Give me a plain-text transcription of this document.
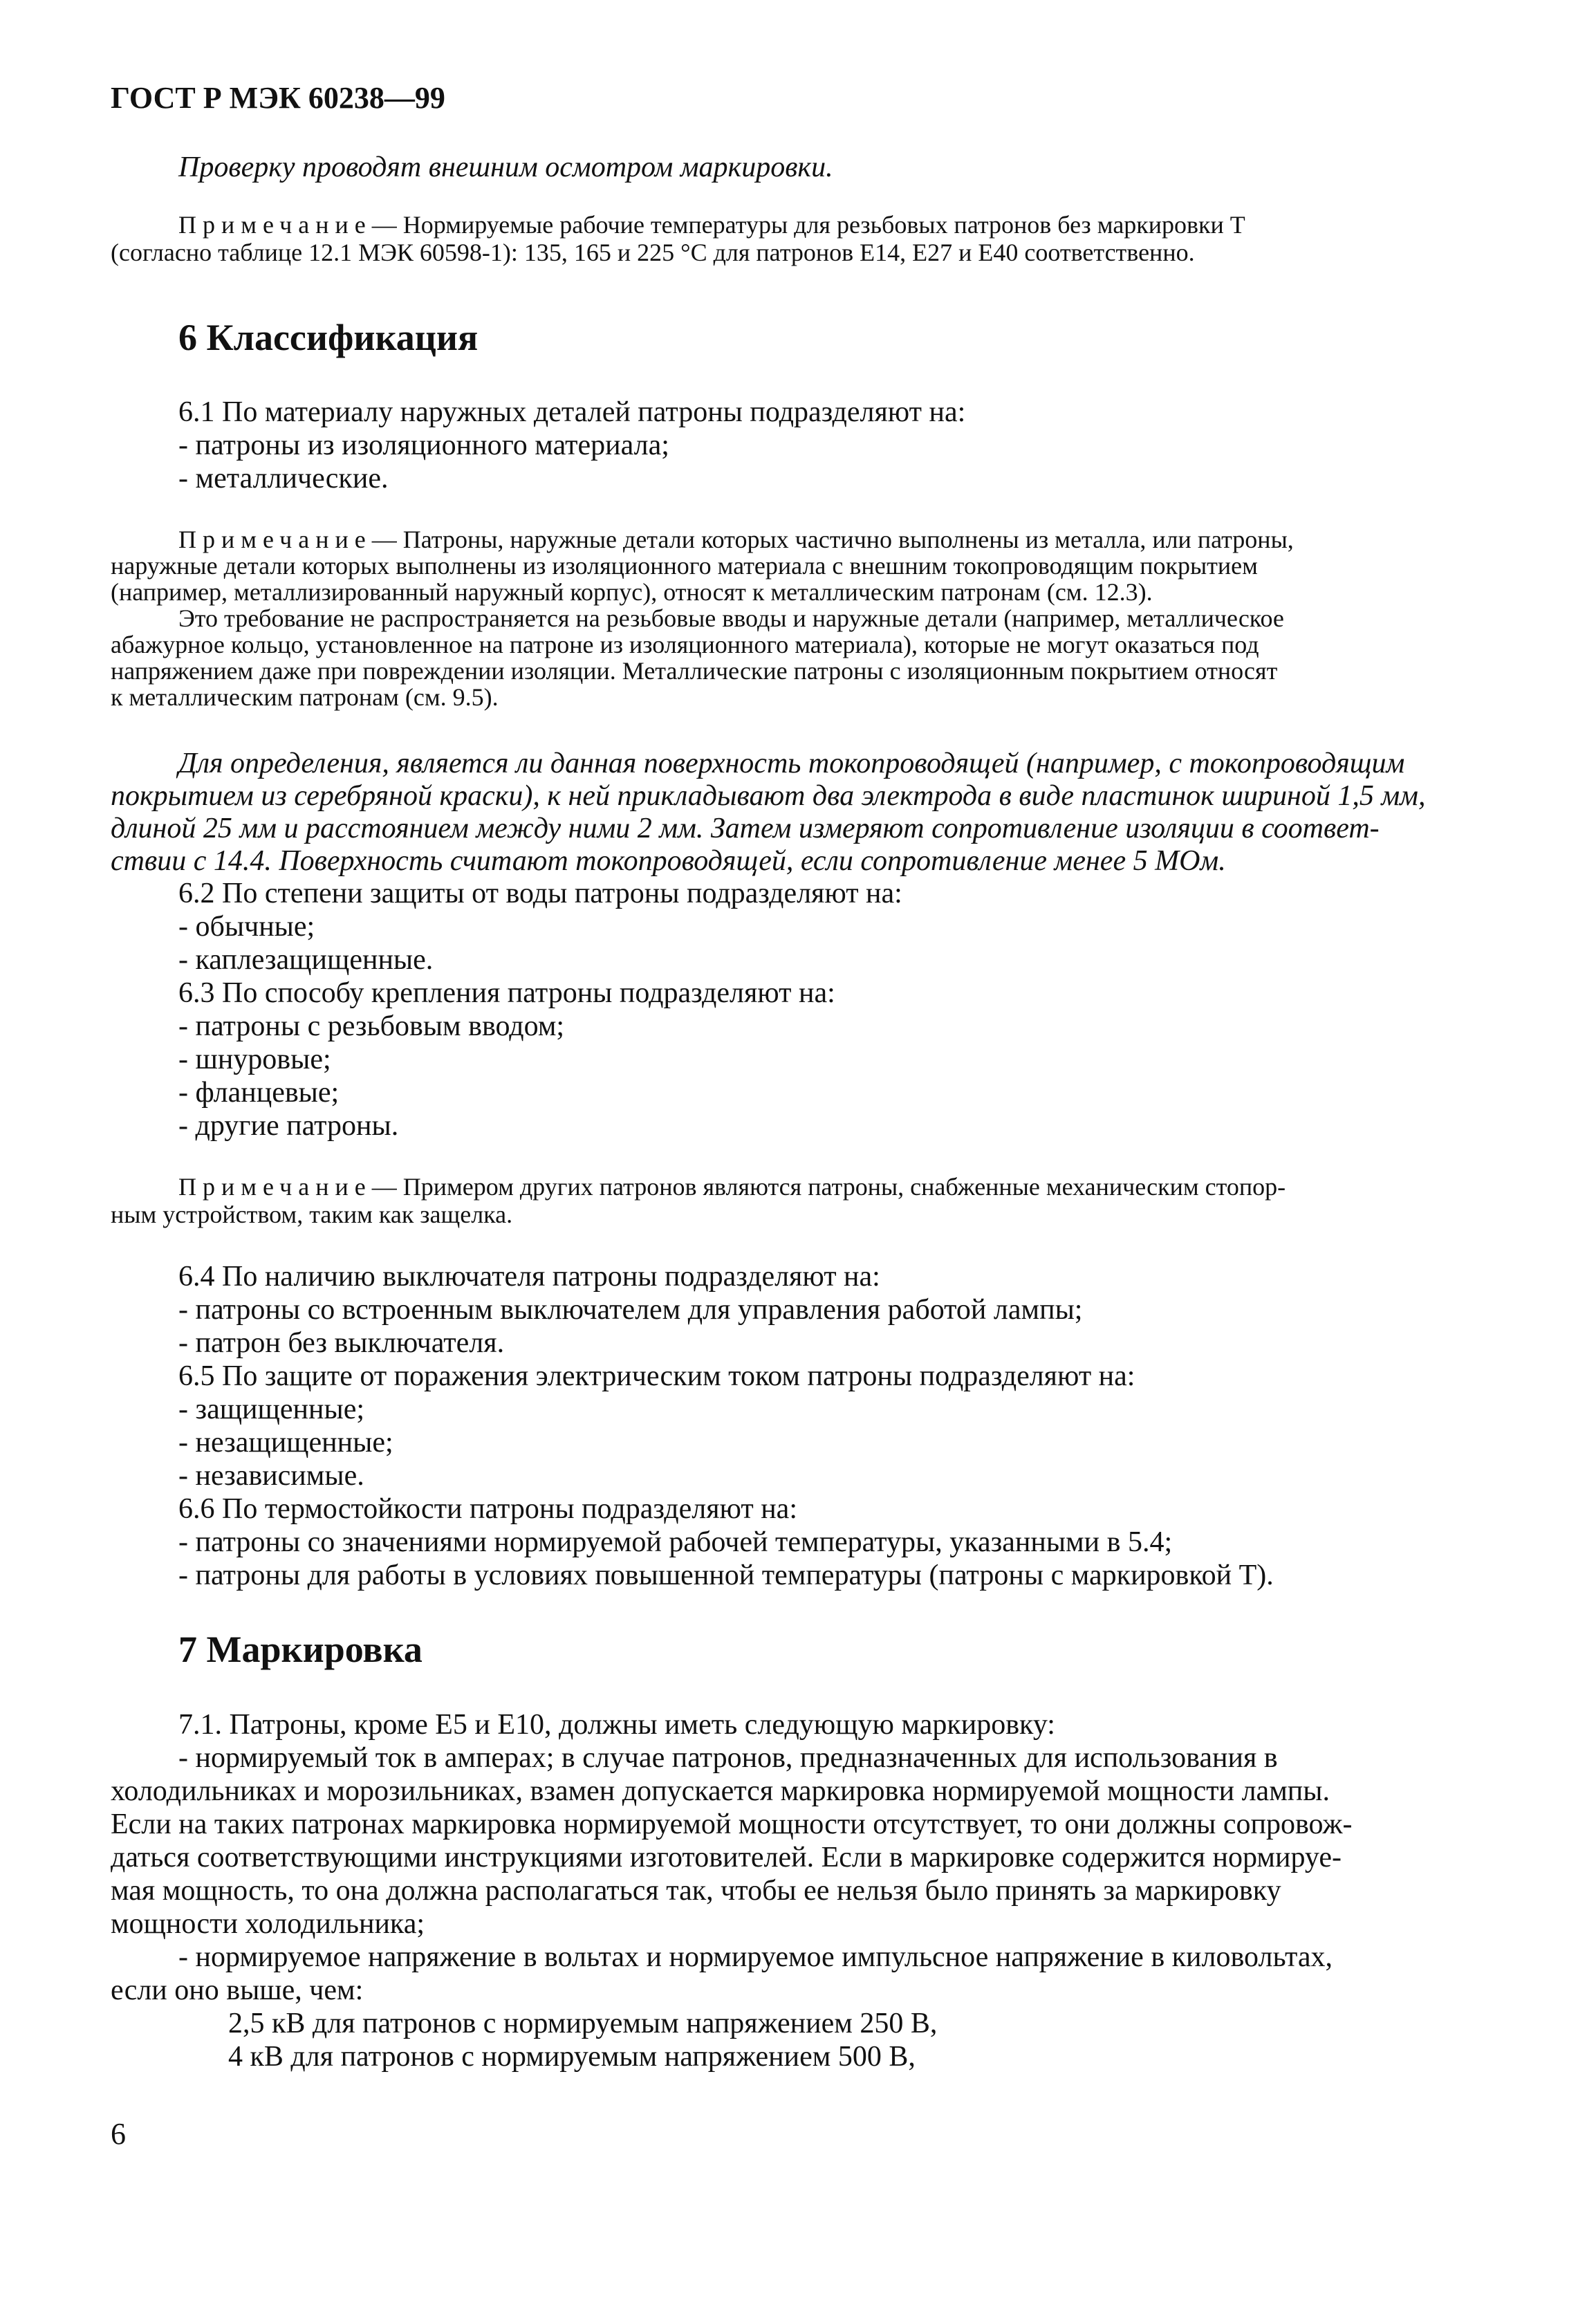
ГОСТ Р МЭК 60238—99
Проверку проводят внешним осмотром маркировки.
Примечание— Нормируемые рабочие температуры для резьбовых патронов без маркировки T
(согласно таблице 12.1 МЭК 60598-1): 135, 165 и 225 °С для патронов Е14, Е27 и Е40 соответственно.
6 Классификация
6.1 По материалу наружных деталей патроны подразделяют на:
- патроны из изоляционного материала;
- металлические.
Примечание— Патроны, наружные детали которых частично выполнены из металла, или патроны,
наружные детали которых выполнены из изоляционного материала с внешним токопроводящим покрытием
(например, металлизированный наружный корпус), относят к металлическим патронам (см. 12.3).
Это требование не распространяется на резьбовые вводы и наружные детали (например, металлическое
абажурное кольцо, установленное на патроне из изоляционного материала), которые не могут оказаться под
напряжением даже при повреждении изоляции. Металлические патроны с изоляционным покрытием относят
к металлическим патронам (см. 9.5).
Для определения, является ли данная поверхность токопроводящей (например, с токопроводящим
покрытием из серебряной краски), к ней прикладывают два электрода в виде пластинок шириной 1,5 мм,
длиной 25 мм и расстоянием между ними 2 мм. Затем измеряют сопротивление изоляции в соответ-
ствии с 14.4. Поверхность считают токопроводящей, если сопротивление менее 5 МОм.
6.2 По степени защиты от воды патроны подразделяют на:
- обычные;
- каплезащищенные.
6.3 По способу крепления патроны подразделяют на:
- патроны с резьбовым вводом;
- шнуровые;
- фланцевые;
- другие патроны.
Примечание— Примером других патронов являются патроны, снабженные механическим стопор-
ным устройством, таким как защелка.
6.4 По наличию выключателя патроны подразделяют на:
- патроны со встроенным выключателем для управления работой лампы;
- патрон без выключателя.
6.5 По защите от поражения электрическим током патроны подразделяют на:
- защищенные;
- незащищенные;
- независимые.
6.6 По термостойкости патроны подразделяют на:
- патроны со значениями нормируемой рабочей температуры, указанными в 5.4;
- патроны для работы в условиях повышенной температуры (патроны с маркировкой T).
7 Маркировка
7.1. Патроны, кроме Е5 и Е10, должны иметь следующую маркировку:
- нормируемый ток в амперах; в случае патронов, предназначенных для использования в
холодильниках и морозильниках, взамен допускается маркировка нормируемой мощности лампы.
Если на таких патронах маркировка нормируемой мощности отсутствует, то они должны сопровож-
даться соответствующими инструкциями изготовителей. Если в маркировке содержится нормируе-
мая мощность, то она должна располагаться так, чтобы ее нельзя было принять за маркировку
мощности холодильника;
- нормируемое напряжение в вольтах и нормируемое импульсное напряжение в киловольтах,
если оно выше, чем:
2,5 кВ для патронов с нормируемым напряжением 250 В,
4 кВ для патронов с нормируемым напряжением 500 В,
6
